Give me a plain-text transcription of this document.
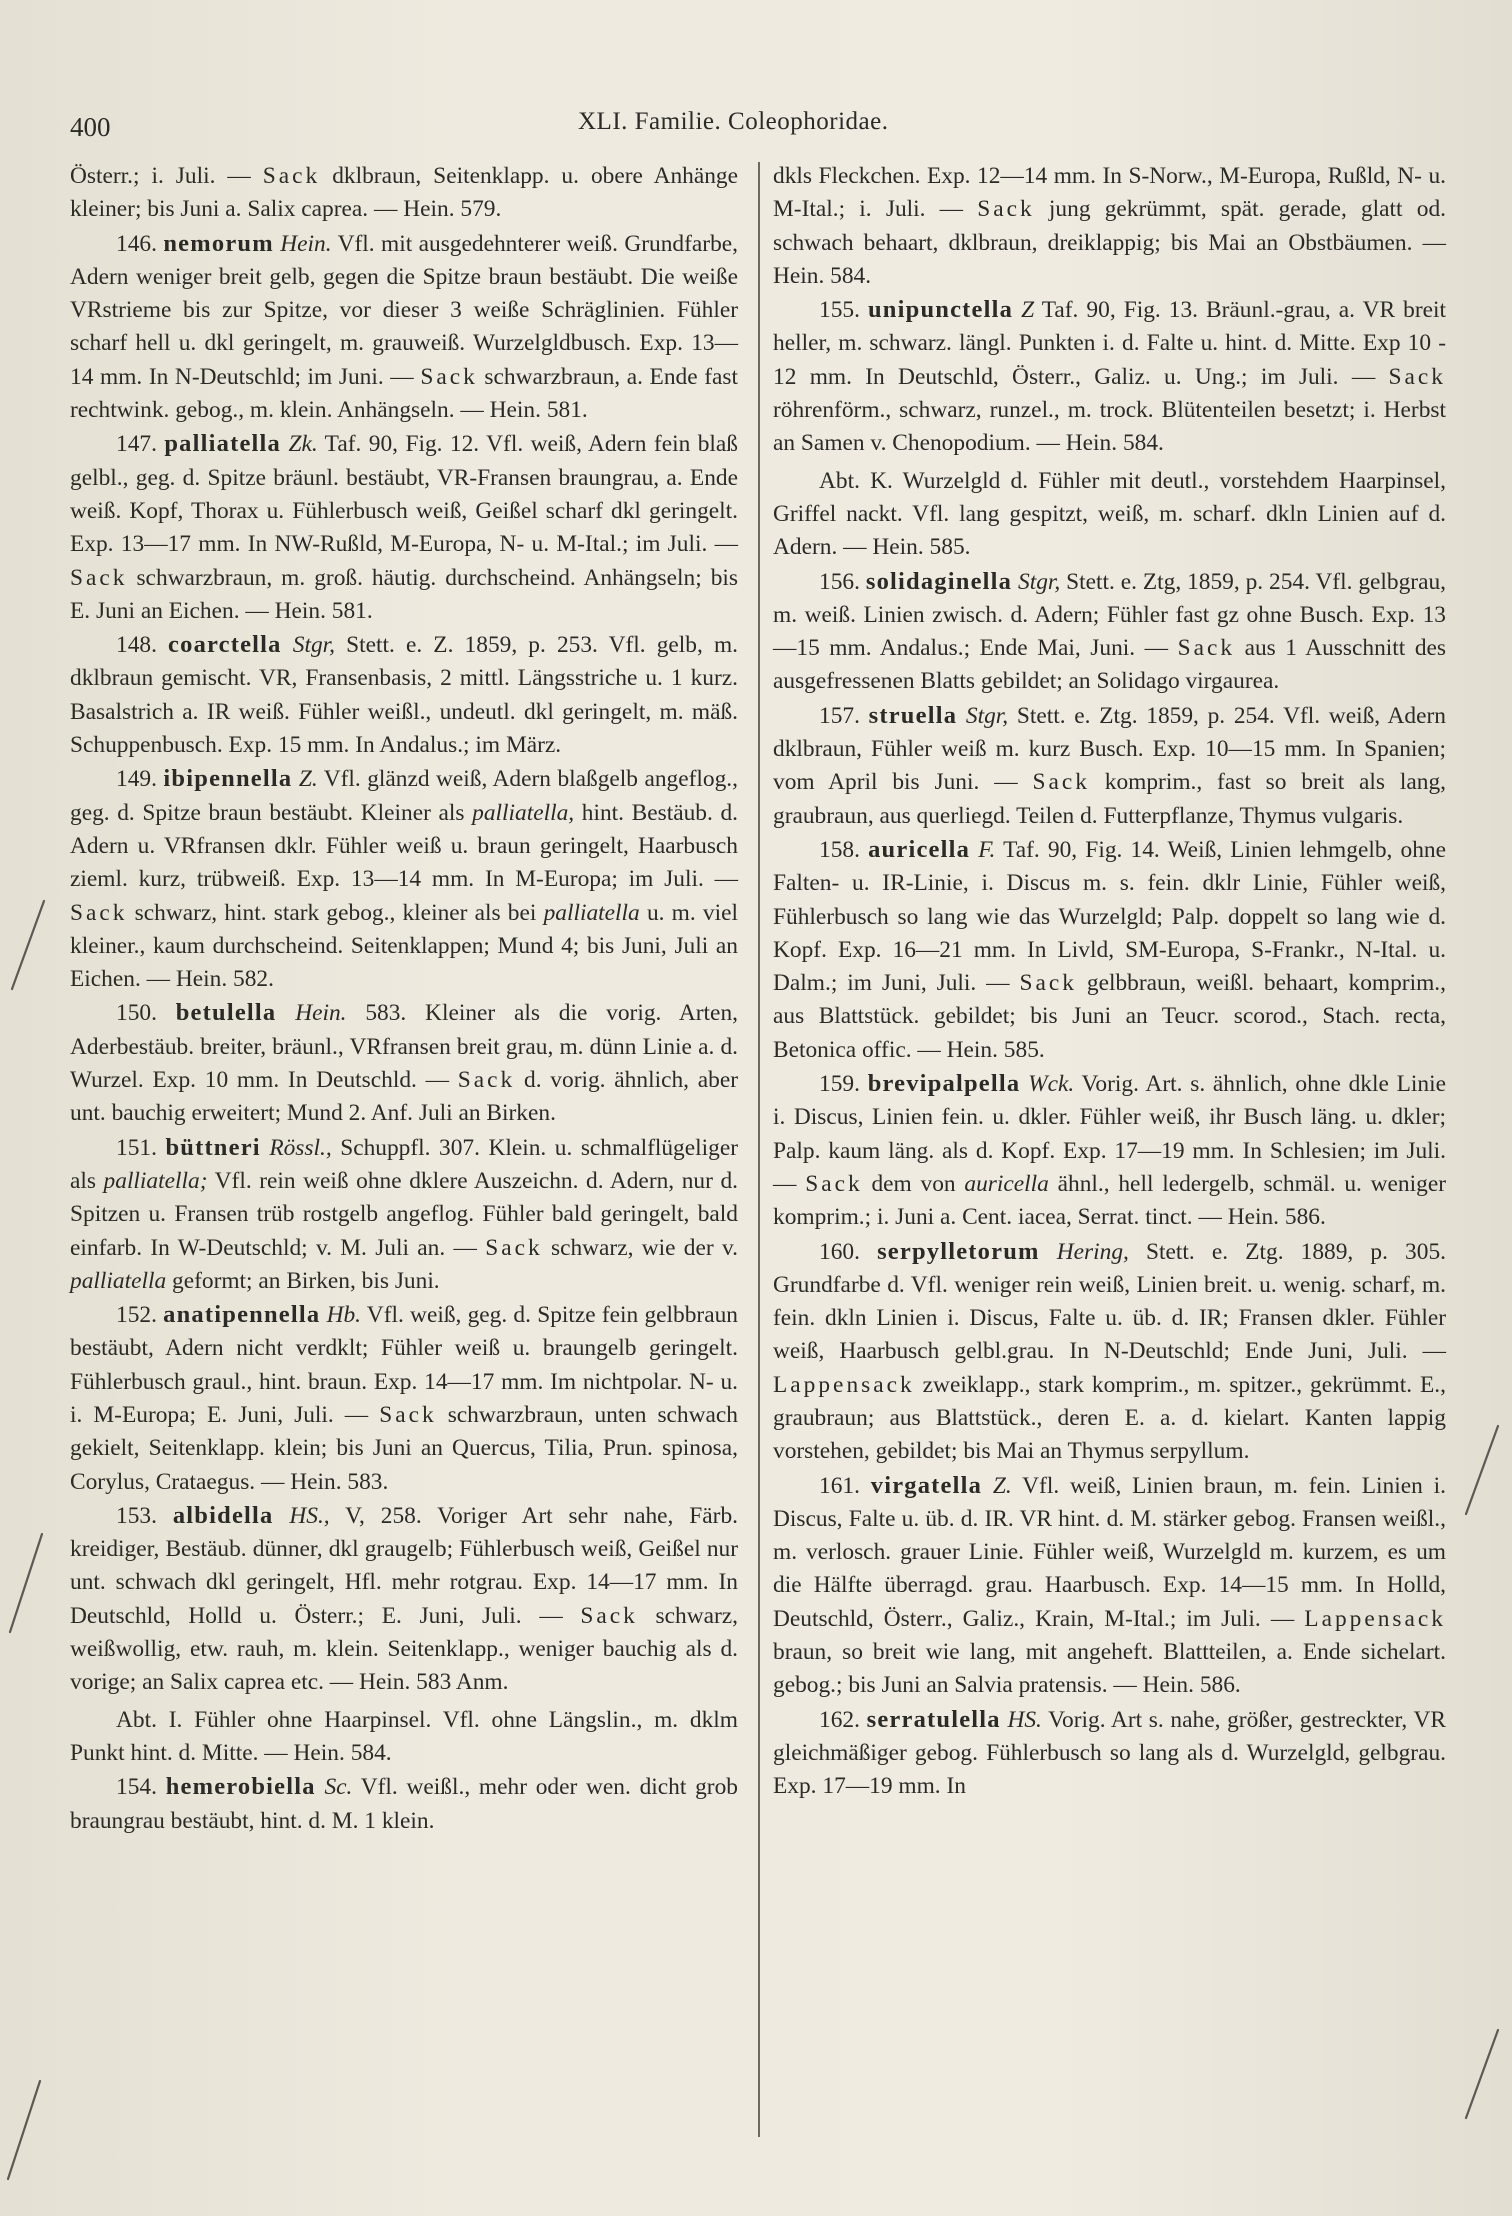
400	XLI. Familie. Coleophoridae.

Österr.; i. Juli. — Sack dklbraun, Seitenklapp. u. obere Anhänge kleiner; bis Juni a. Salix caprea. — Hein. 579.

146. nemorum Hein. Vfl. mit ausgedehnterer weiß. Grundfarbe, Adern weniger breit gelb, gegen die Spitze braun bestäubt. Die weiße VRstrieme bis zur Spitze, vor dieser 3 weiße Schräglinien. Fühler scharf hell u. dkl geringelt, m. grauweiß. Wurzelgldbusch. Exp. 13—14 mm. In N-Deutschld; im Juni. — Sack schwarzbraun, a. Ende fast rechtwink. gebog., m. klein. Anhängseln. — Hein. 581.

147. palliatella Zk. Taf. 90, Fig. 12. Vfl. weiß, Adern fein blaß gelbl., geg. d. Spitze bräunl. bestäubt, VR-Fransen braungrau, a. Ende weiß. Kopf, Thorax u. Fühlerbusch weiß, Geißel scharf dkl geringelt. Exp. 13—17 mm. In NW-Rußld, M-Europa, N- u. M-Ital.; im Juli. — Sack schwarzbraun, m. groß. häutig. durchscheind. Anhängseln; bis E. Juni an Eichen. — Hein. 581.

148. coarctella Stgr, Stett. e. Z. 1859, p. 253. Vfl. gelb, m. dklbraun gemischt. VR, Fransenbasis, 2 mittl. Längsstriche u. 1 kurz. Basalstrich a. IR weiß. Fühler weißl., undeutl. dkl geringelt, m. mäß. Schuppenbusch. Exp. 15 mm. In Andalus.; im März.

149. ibipennella Z. Vfl. glänzd weiß, Adern blaßgelb angeflog., geg. d. Spitze braun bestäubt. Kleiner als palliatella, hint. Bestäub. d. Adern u. VRfransen dklr. Fühler weiß u. braun geringelt, Haarbusch zieml. kurz, trübweiß. Exp. 13—14 mm. In M-Europa; im Juli. — Sack schwarz, hint. stark gebog., kleiner als bei palliatella u. m. viel kleiner., kaum durchscheind. Seitenklappen; Mund 4; bis Juni, Juli an Eichen. — Hein. 582.

150. betulella Hein. 583. Kleiner als die vorig. Arten, Aderbestäub. breiter, bräunl., VRfransen breit grau, m. dünn Linie a. d. Wurzel. Exp. 10 mm. In Deutschld. — Sack d. vorig. ähnlich, aber unt. bauchig erweitert; Mund 2. Anf. Juli an Birken.

151. büttneri Rössl., Schuppfl. 307. Klein. u. schmalflügeliger als palliatella; Vfl. rein weiß ohne dklere Auszeichn. d. Adern, nur d. Spitzen u. Fransen trüb rostgelb angeflog. Fühler bald geringelt, bald einfarb. In W-Deutschld; v. M. Juli an. — Sack schwarz, wie der v. palliatella geformt; an Birken, bis Juni.

152. anatipennella Hb. Vfl. weiß, geg. d. Spitze fein gelbbraun bestäubt, Adern nicht verdklt; Fühler weiß u. braungelb geringelt. Fühlerbusch graul., hint. braun. Exp. 14—17 mm. Im nichtpolar. N- u. i. M-Europa; E. Juni, Juli. — Sack schwarzbraun, unten schwach gekielt, Seitenklapp. klein; bis Juni an Quercus, Tilia, Prun. spinosa, Corylus, Crataegus. — Hein. 583.

153. albidella HS., V, 258. Voriger Art sehr nahe, Färb. kreidiger, Bestäub. dünner, dkl graugelb; Fühlerbusch weiß, Geißel nur unt. schwach dkl geringelt, Hfl. mehr rotgrau. Exp. 14—17 mm. In Deutschld, Holld u. Österr.; E. Juni, Juli. — Sack schwarz, weißwollig, etw. rauh, m. klein. Seitenklapp., weniger bauchig als d. vorige; an Salix caprea etc. — Hein. 583 Anm.

Abt. I. Fühler ohne Haarpinsel. Vfl. ohne Längslin., m. dklm Punkt hint. d. Mitte. — Hein. 584.

154. hemerobiella Sc. Vfl. weißl., mehr oder wen. dicht grob braungrau bestäubt, hint. d. M. 1 klein.

dkls Fleckchen. Exp. 12—14 mm. In S-Norw., M-Europa, Rußld, N- u. M-Ital.; i. Juli. — Sack jung gekrümmt, spät. gerade, glatt od. schwach behaart, dklbraun, dreiklappig; bis Mai an Obstbäumen. — Hein. 584.

155. unipunctella Z Taf. 90, Fig. 13. Bräunl.-grau, a. VR breit heller, m. schwarz. längl. Punkten i. d. Falte u. hint. d. Mitte. Exp 10 - 12 mm. In Deutschld, Österr., Galiz. u. Ung.; im Juli. — Sack röhrenförm., schwarz, runzel., m. trock. Blütenteilen besetzt; i. Herbst an Samen v. Chenopodium. — Hein. 584.

Abt. K. Wurzelgld d. Fühler mit deutl., vorstehdem Haarpinsel, Griffel nackt. Vfl. lang gespitzt, weiß, m. scharf. dkln Linien auf d. Adern. — Hein. 585.

156. solidaginella Stgr, Stett. e. Ztg, 1859, p. 254. Vfl. gelbgrau, m. weiß. Linien zwisch. d. Adern; Fühler fast gz ohne Busch. Exp. 13—15 mm. Andalus.; Ende Mai, Juni. — Sack aus 1 Ausschnitt des ausgefressenen Blatts gebildet; an Solidago virgaurea.

157. struella Stgr, Stett. e. Ztg. 1859, p. 254. Vfl. weiß, Adern dklbraun, Fühler weiß m. kurz Busch. Exp. 10—15 mm. In Spanien; vom April bis Juni. — Sack komprim., fast so breit als lang, graubraun, aus querliegd. Teilen d. Futterpflanze, Thymus vulgaris.

158. auricella F. Taf. 90, Fig. 14. Weiß, Linien lehmgelb, ohne Falten- u. IR-Linie, i. Discus m. s. fein. dklr Linie, Fühler weiß, Fühlerbusch so lang wie das Wurzelgld; Palp. doppelt so lang wie d. Kopf. Exp. 16—21 mm. In Livld, SM-Europa, S-Frankr., N-Ital. u. Dalm.; im Juni, Juli. — Sack gelbbraun, weißl. behaart, komprim., aus Blattstück. gebildet; bis Juni an Teucr. scorod., Stach. recta, Betonica offic. — Hein. 585.

159. brevipalpella Wck. Vorig. Art. s. ähnlich, ohne dkle Linie i. Discus, Linien fein. u. dkler. Fühler weiß, ihr Busch läng. u. dkler; Palp. kaum läng. als d. Kopf. Exp. 17—19 mm. In Schlesien; im Juli. — Sack dem von auricella ähnl., hell ledergelb, schmäl. u. weniger komprim.; i. Juni a. Cent. iacea, Serrat. tinct. — Hein. 586.

160. serpylletorum Hering, Stett. e. Ztg. 1889, p. 305. Grundfarbe d. Vfl. weniger rein weiß, Linien breit. u. wenig. scharf, m. fein. dkln Linien i. Discus, Falte u. üb. d. IR; Fransen dkler. Fühler weiß, Haarbusch gelbl.grau. In N-Deutschld; Ende Juni, Juli. — Lappensack zweiklapp., stark komprim., m. spitzer., gekrümmt. E., graubraun; aus Blattstück., deren E. a. d. kielart. Kanten lappig vorstehen, gebildet; bis Mai an Thymus serpyllum.

161. virgatella Z. Vfl. weiß, Linien braun, m. fein. Linien i. Discus, Falte u. üb. d. IR. VR hint. d. M. stärker gebog. Fransen weißl., m. verlosch. grauer Linie. Fühler weiß, Wurzelgld m. kurzem, es um die Hälfte überragd. grau. Haarbusch. Exp. 14—15 mm. In Holld, Deutschld, Österr., Galiz., Krain, M-Ital.; im Juli. — Lappensack braun, so breit wie lang, mit angeheft. Blattteilen, a. Ende sichelart. gebog.; bis Juni an Salvia pratensis. — Hein. 586.

162. serratulella HS. Vorig. Art s. nahe, größer, gestreckter, VR gleichmäßiger gebog. Fühlerbusch so lang als d. Wurzelgld, gelbgrau. Exp. 17—19 mm. In
